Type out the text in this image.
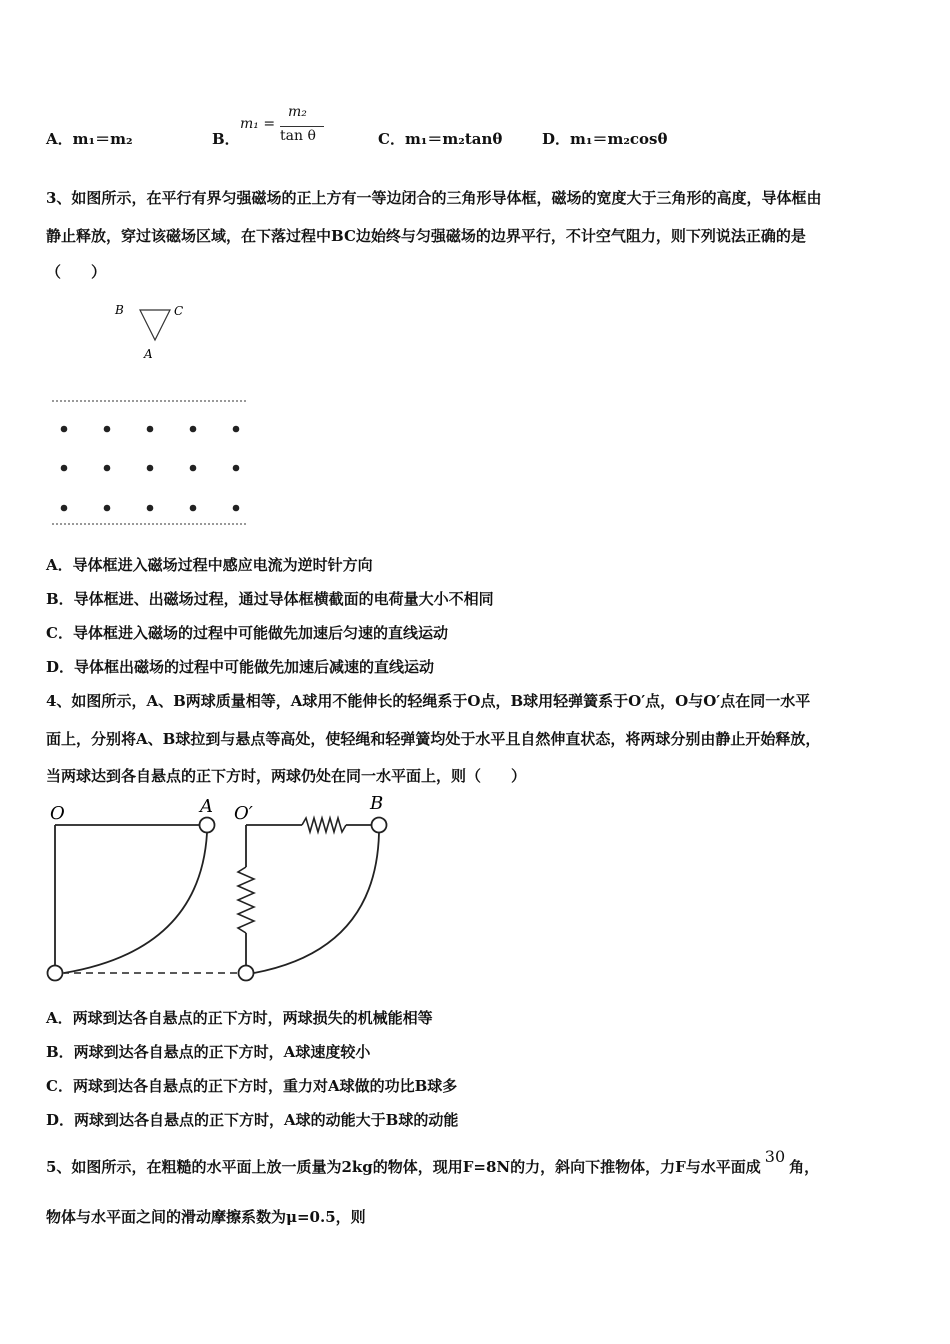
A．m₁＝m₂	B．
m₁ =
m₂
tan θ	C．m₁＝m₂tanθ	D．m₁＝m₂cosθ
3、如图所示，在平行有界匀强磁场的正上方有一等边闭合的三角形导体框，磁场的宽度大于三角形的高度，导体框由
静止释放，穿过该磁场区域，在下落过程中BC边始终与匀强磁场的边界平行，不计空气阻力，则下列说法正确的是
（　　）
B	C
A
A．导体框进入磁场过程中感应电流为逆时针方向
B．导体框进、出磁场过程，通过导体框横截面的电荷量大小不相同
C．导体框进入磁场的过程中可能做先加速后匀速的直线运动
D．导体框出磁场的过程中可能做先加速后减速的直线运动
4、如图所示，A、B两球质量相等，A球用不能伸长的轻绳系于O点，B球用轻弹簧系于O′点，O与O′点在同一水平
面上，分别将A、B球拉到与悬点等高处，使轻绳和轻弹簧均处于水平且自然伸直状态，将两球分别由静止开始释放，
当两球达到各自悬点的正下方时，两球仍处在同一水平面上，则（　　）
O	A O′	B
A．两球到达各自悬点的正下方时，两球损失的机械能相等
B．两球到达各自悬点的正下方时，A球速度较小
C．两球到达各自悬点的正下方时，重力对A球做的功比B球多
D．两球到达各自悬点的正下方时，A球的动能大于B球的动能
5、如图所示，在粗糙的水平面上放一质量为2kg的物体，现用F=8N的力，斜向下推物体，力F与水平面成30角，
物体与水平面之间的滑动摩擦系数为μ=0.5，则
